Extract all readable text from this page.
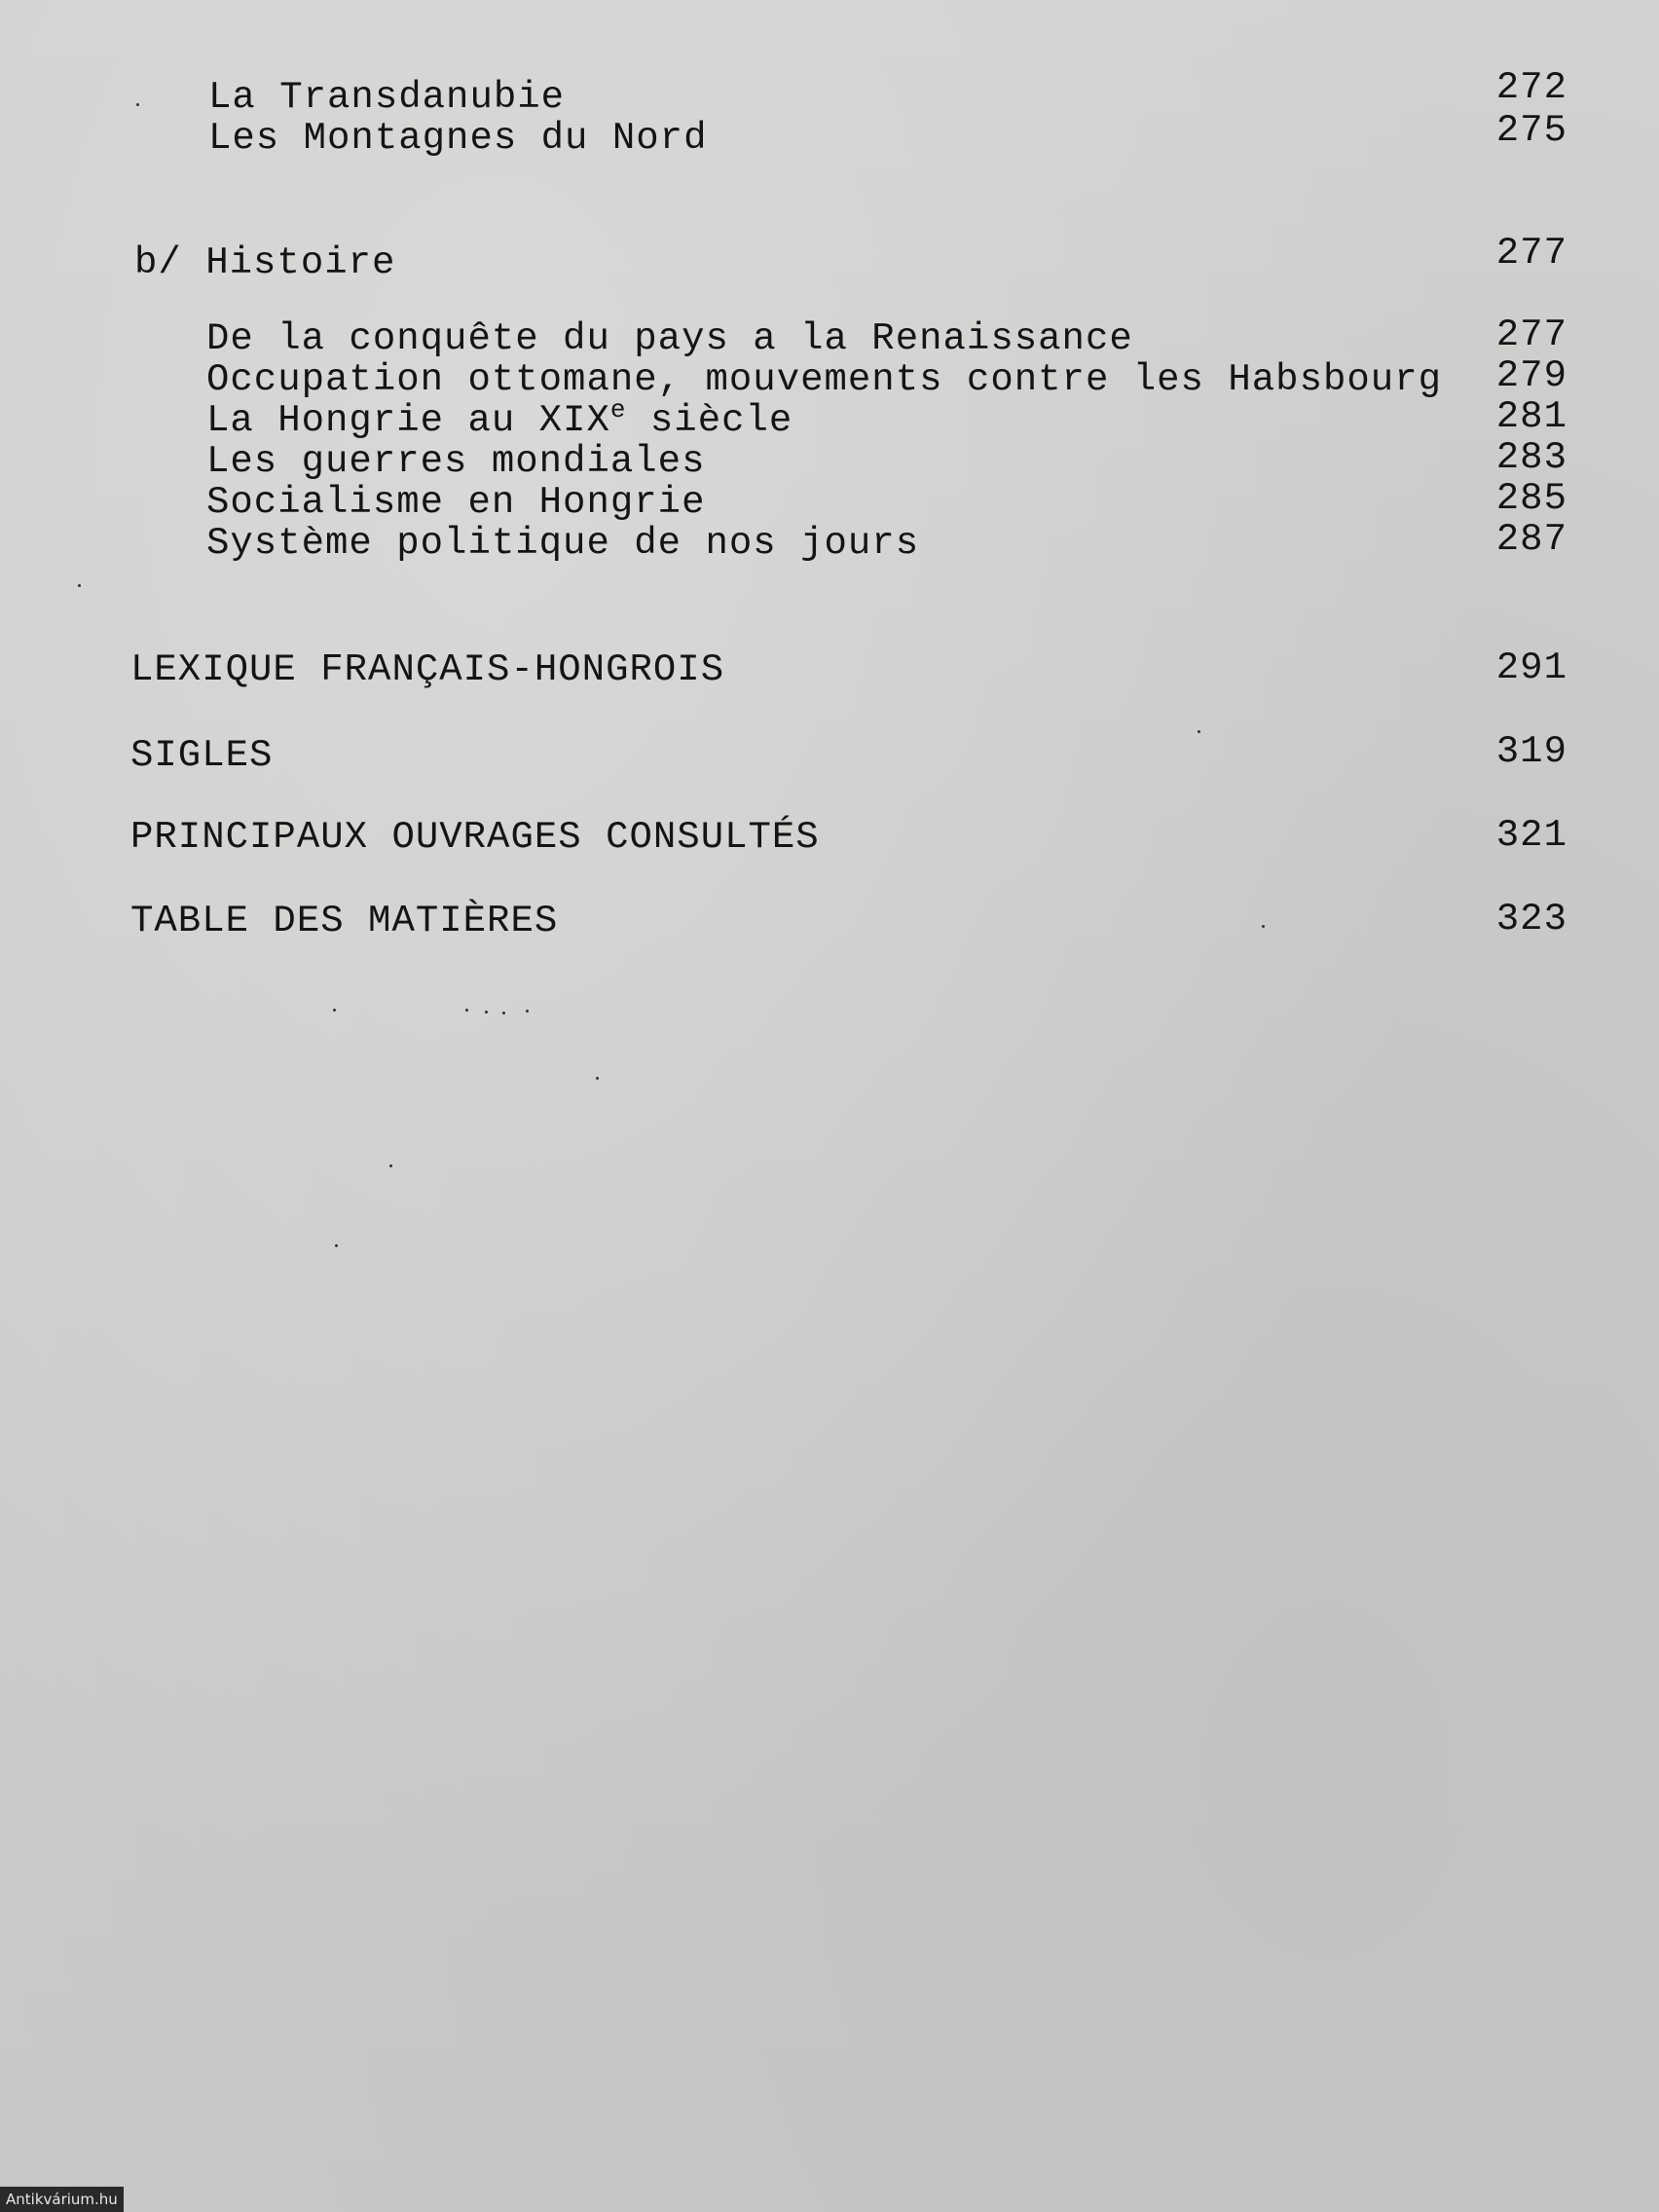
La Transdanubie	272
Les Montagnes du Nord	275
b/ Histoire	277
De la conquête du pays a la Renaissance	277
Occupation ottomane, mouvements contre les Habsbourg 279
La Hongrie au XIXe siècle	281
Les guerres mondiales	283
Socialisme en Hongrie	285
Système politique de nos jours	287
LEXIQUE FRANÇAIS-HONGROIS	291
SIGLES	319
PRINCIPAUX OUVRAGES CONSULTÉS	321
TABLE DES MATIÈRES	323
Antikvárium.hu
